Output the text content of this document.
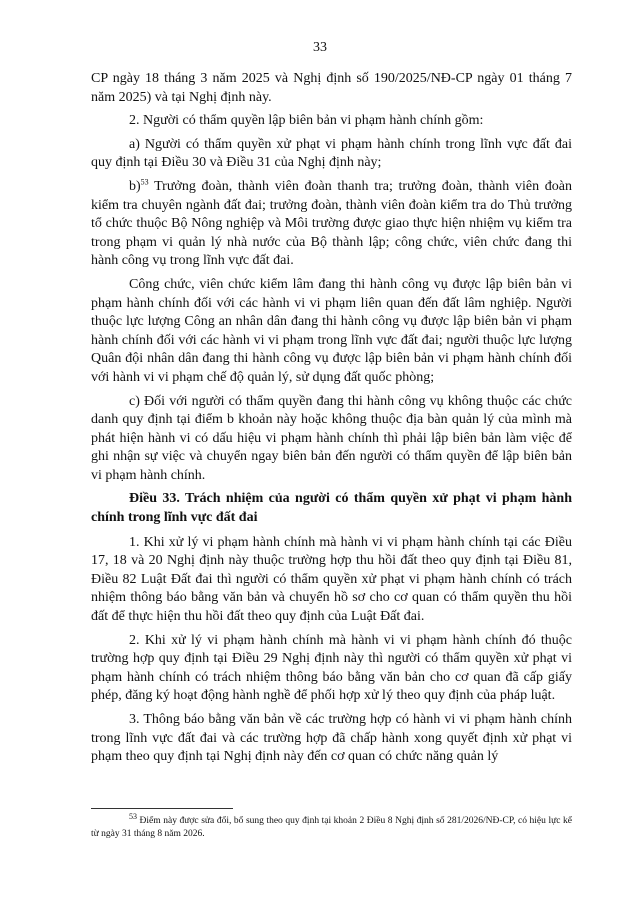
33

CP ngày 18 tháng 3 năm 2025 và Nghị định số 190/2025/NĐ-CP ngày 01 tháng 7 năm 2025) và tại Nghị định này.

2. Người có thẩm quyền lập biên bản vi phạm hành chính gồm:

a) Người có thẩm quyền xử phạt vi phạm hành chính trong lĩnh vực đất đai quy định tại Điều 30 và Điều 31 của Nghị định này;

b)$^{53}$ Trưởng đoàn, thành viên đoàn thanh tra; trưởng đoàn, thành viên đoàn kiểm tra chuyên ngành đất đai; trưởng đoàn, thành viên đoàn kiểm tra do Thủ trưởng tổ chức thuộc Bộ Nông nghiệp và Môi trường được giao thực hiện nhiệm vụ kiểm tra trong phạm vi quản lý nhà nước của Bộ thành lập; công chức, viên chức đang thi hành công vụ trong lĩnh vực đất đai.

Công chức, viên chức kiểm lâm đang thi hành công vụ được lập biên bản vi phạm hành chính đối với các hành vi vi phạm liên quan đến đất lâm nghiệp. Người thuộc lực lượng Công an nhân dân đang thi hành công vụ được lập biên bản vi phạm hành chính đối với các hành vi vi phạm trong lĩnh vực đất đai; người thuộc lực lượng Quân đội nhân dân đang thi hành công vụ được lập biên bản vi phạm hành chính đối với hành vi vi phạm chế độ quản lý, sử dụng đất quốc phòng;

c) Đối với người có thẩm quyền đang thi hành công vụ không thuộc các chức danh quy định tại điểm b khoản này hoặc không thuộc địa bàn quản lý của mình mà phát hiện hành vi có dấu hiệu vi phạm hành chính thì phải lập biên bản làm việc để ghi nhận sự việc và chuyển ngay biên bản đến người có thẩm quyền để lập biên bản vi phạm hành chính.

Điều 33. Trách nhiệm của người có thẩm quyền xử phạt vi phạm hành chính trong lĩnh vực đất đai

1. Khi xử lý vi phạm hành chính mà hành vi vi phạm hành chính tại các Điều 17, 18 và 20 Nghị định này thuộc trường hợp thu hồi đất theo quy định tại Điều 81, Điều 82 Luật Đất đai thì người có thẩm quyền xử phạt vi phạm hành chính có trách nhiệm thông báo bằng văn bản và chuyển hồ sơ cho cơ quan có thẩm quyền thu hồi đất để thực hiện thu hồi đất theo quy định của Luật Đất đai.

2. Khi xử lý vi phạm hành chính mà hành vi vi phạm hành chính đó thuộc trường hợp quy định tại Điều 29 Nghị định này thì người có thẩm quyền xử phạt vi phạm hành chính có trách nhiệm thông báo bằng văn bản cho cơ quan đã cấp giấy phép, đăng ký hoạt động hành nghề để phối hợp xử lý theo quy định của pháp luật.

3. Thông báo bằng văn bản về các trường hợp có hành vi vi phạm hành chính trong lĩnh vực đất đai và các trường hợp đã chấp hành xong quyết định xử phạt vi phạm theo quy định tại Nghị định này đến cơ quan có chức năng quản lý

$^{53}$ Điểm này được sửa đổi, bổ sung theo quy định tại khoản 2 Điều 8 Nghị định số 281/2026/NĐ-CP, có hiệu lực kể từ ngày 31 tháng 8 năm 2026.
